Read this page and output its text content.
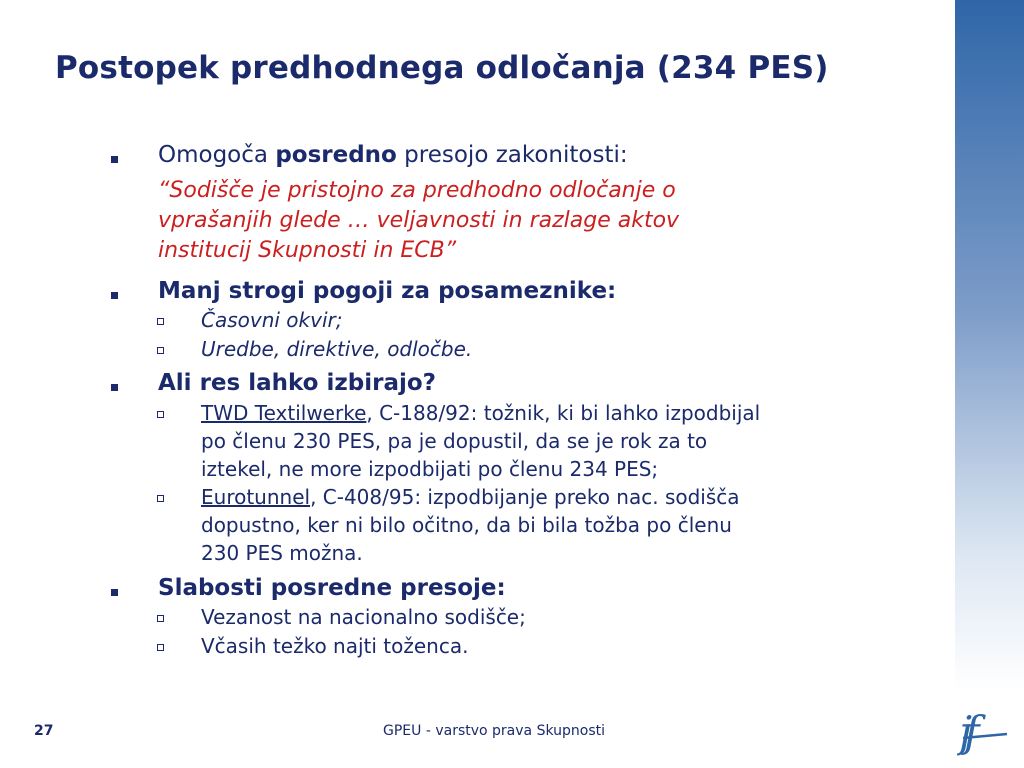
Postopek predhodnega odločanja (234 PES)
Omogoča posredno presojo zakonitosti:
“Sodišče je pristojno za predhodno odločanje o
vprašanjih glede … veljavnosti in razlage aktov
institucij Skupnosti in ECB”
Manj strogi pogoji za posameznike:
Časovni okvir;
Uredbe, direktive, odločbe.
Ali res lahko izbirajo?
TWD Textilwerke, C-188/92: tožnik, ki bi lahko izpodbijal
po členu 230 PES, pa je dopustil, da se je rok za to
iztekel, ne more izpodbijati po členu 234 PES;
Eurotunnel, C-408/95: izpodbijanje preko nac. sodišča
dopustno, ker ni bilo očitno, da bi bila tožba po členu
230 PES možna.
Slabosti posredne presoje:
Vezanost na nacionalno sodišče;
Včasih težko najti toženca.
27	GPEU - varstvo prava Skupnosti	jf
